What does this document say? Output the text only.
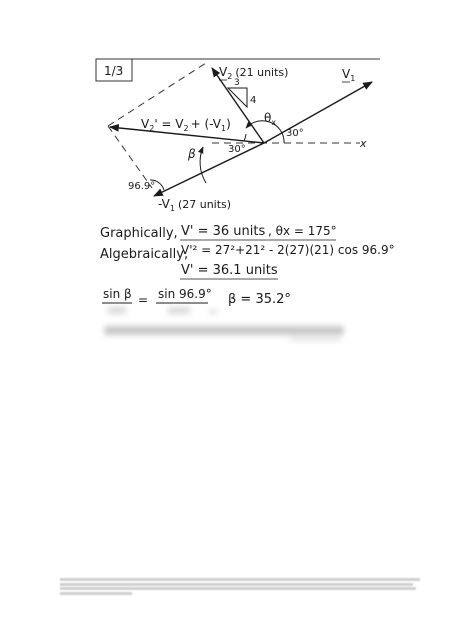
1/3
x
3
4
$V_2$ (21 units)	$V_1$
$V_2' = V_2 + (-V_1)$	$\theta_x$
30°
30°
β
96.9°
$-V_1$ (27 units)
Graphically, V' = 36 units , θx = 175°
Algebraically,
V'² = 27²+21² - 2(27)(21) cos 96.9°
V' = 36.1 units
sin β = sin 96.9° β = 35.2°
